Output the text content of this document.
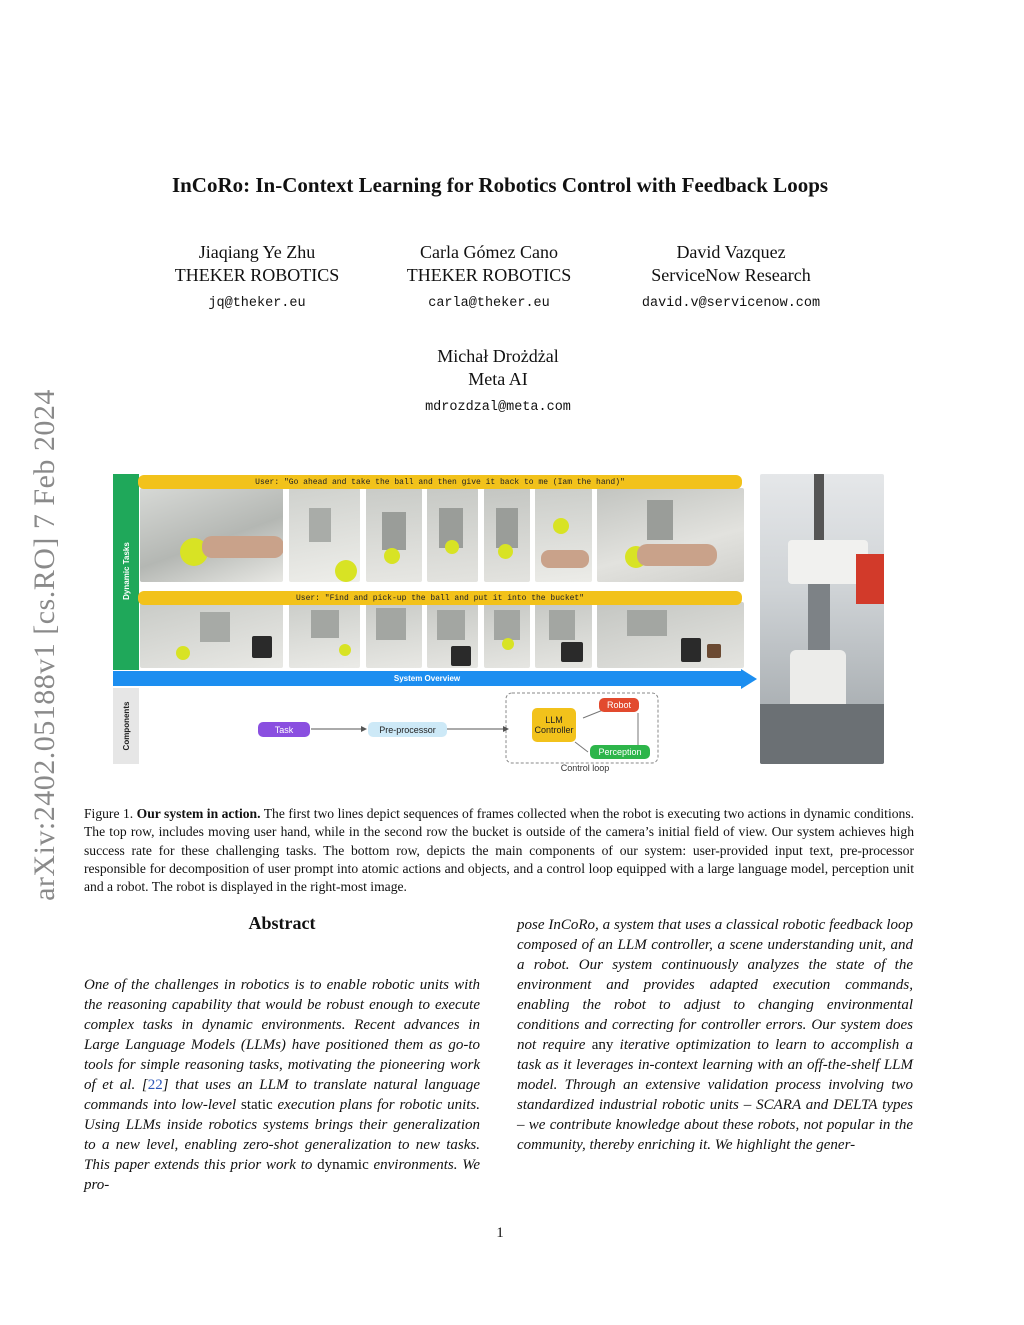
arXiv:2402.05188v1 [cs.RO] 7 Feb 2024
InCoRo: In-Context Learning for Robotics Control with Feedback Loops
Jiaqiang Ye Zhu
THEKER ROBOTICS
jq@theker.eu
Carla Gómez Cano
THEKER ROBOTICS
carla@theker.eu
David Vazquez
ServiceNow Research
david.v@servicenow.com
Michał Drożdżal
Meta AI
mdrozdzal@meta.com
Dynamic Tasks
User: "Go ahead and take the ball and then give it back to me (Iam the hand)"
User: "Find and pick-up the ball and put it into the bucket"
System Overview
Components	Task	Pre-processor
LLM
Controller
Robot
Perception
Control loop
Figure 1. Our system in action. The first two lines depict sequences of frames collected when the robot is executing two actions in dynamic conditions. The top row, includes moving user hand, while in the second row the bucket is outside of the camera’s initial field of view. Our system achieves high success rate for these challenging tasks. The bottom row, depicts the main components of our system: user-provided input text, pre-processor responsible for decomposition of user prompt into atomic actions and objects, and a control loop equipped with a large language model, perception unit and a robot. The robot is displayed in the right-most image.
Abstract
One of the challenges in robotics is to enable robotic units with the reasoning capability that would be robust enough to execute complex tasks in dynamic environments. Recent advances in Large Language Models (LLMs) have positioned them as go-to tools for simple reasoning tasks, motivating the pioneering work of et al. [22] that uses an LLM to translate natural language commands into low-level static execution plans for robotic units. Using LLMs inside robotics systems brings their generalization to a new level, enabling zero-shot generalization to new tasks. This paper extends this prior work to dynamic environments. We pro-
pose InCoRo, a system that uses a classical robotic feedback loop composed of an LLM controller, a scene understanding unit, and a robot. Our system continuously analyzes the state of the environment and provides adapted execution commands, enabling the robot to adjust to changing environmental conditions and correcting for controller errors. Our system does not require any iterative optimization to learn to accomplish a task as it leverages in-context learning with an off-the-shelf LLM model. Through an extensive validation process involving two standardized industrial robotic units – SCARA and DELTA types – we contribute knowledge about these robots, not popular in the community, thereby enriching it. We highlight the gener-
1
